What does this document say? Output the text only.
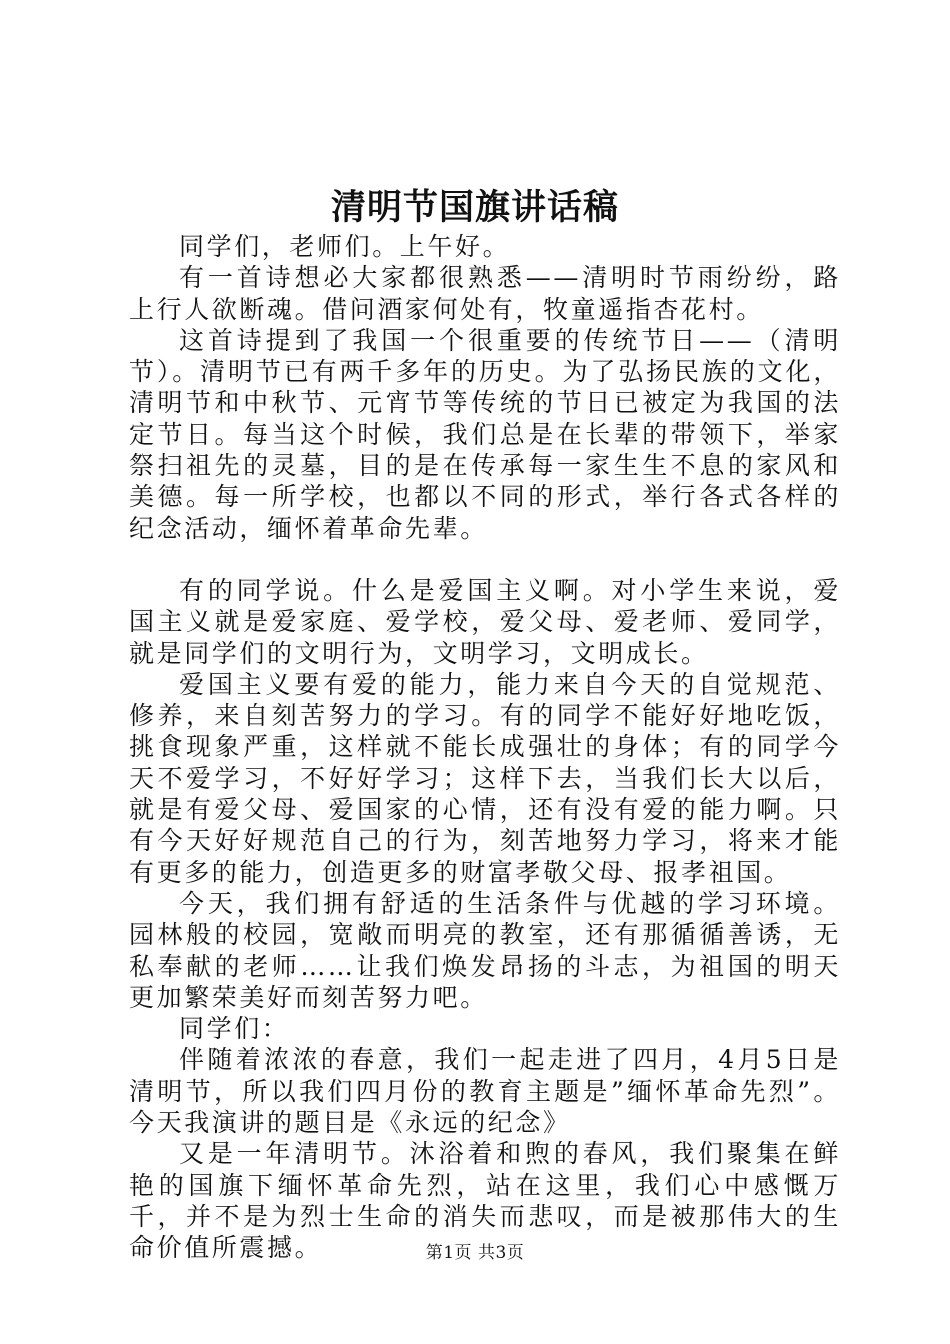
清明节国旗讲话稿

同学们，老师们。上午好。

有一首诗想必大家都很熟悉——清明时节雨纷纷，路上行人欲断魂。借问酒家何处有，牧童遥指杏花村。

这首诗提到了我国一个很重要的传统节日——（清明节）。清明节已有两千多年的历史。为了弘扬民族的文化，清明节和中秋节、元宵节等传统的节日已被定为我国的法定节日。每当这个时候，我们总是在长辈的带领下，举家祭扫祖先的灵墓，目的是在传承每一家生生不息的家风和美德。每一所学校，也都以不同的形式，举行各式各样的纪念活动，缅怀着革命先辈。

有的同学说。什么是爱国主义啊。对小学生来说，爱国主义就是爱家庭、爱学校，爱父母、爱老师、爱同学，就是同学们的文明行为，文明学习，文明成长。

爱国主义要有爱的能力，能力来自今天的自觉规范、修养，来自刻苦努力的学习。有的同学不能好好地吃饭，挑食现象严重，这样就不能长成强壮的身体；有的同学今天不爱学习，不好好学习；这样下去，当我们长大以后，就是有爱父母、爱国家的心情，还有没有爱的能力啊。只有今天好好规范自己的行为，刻苦地努力学习，将来才能有更多的能力，创造更多的财富孝敬父母、报孝祖国。

今天，我们拥有舒适的生活条件与优越的学习环境。园林般的校园，宽敞而明亮的教室，还有那循循善诱，无私奉献的老师……让我们焕发昂扬的斗志，为祖国的明天更加繁荣美好而刻苦努力吧。

同学们：

伴随着浓浓的春意，我们一起走进了四月，4月5日是清明节，所以我们四月份的教育主题是”缅怀革命先烈”。今天我演讲的题目是《永远的纪念》

又是一年清明节。沐浴着和煦的春风，我们聚集在鲜艳的国旗下缅怀革命先烈，站在这里，我们心中感慨万千，并不是为烈士生命的消失而悲叹，而是被那伟大的生命价值所震撼。	第1页 共3页
